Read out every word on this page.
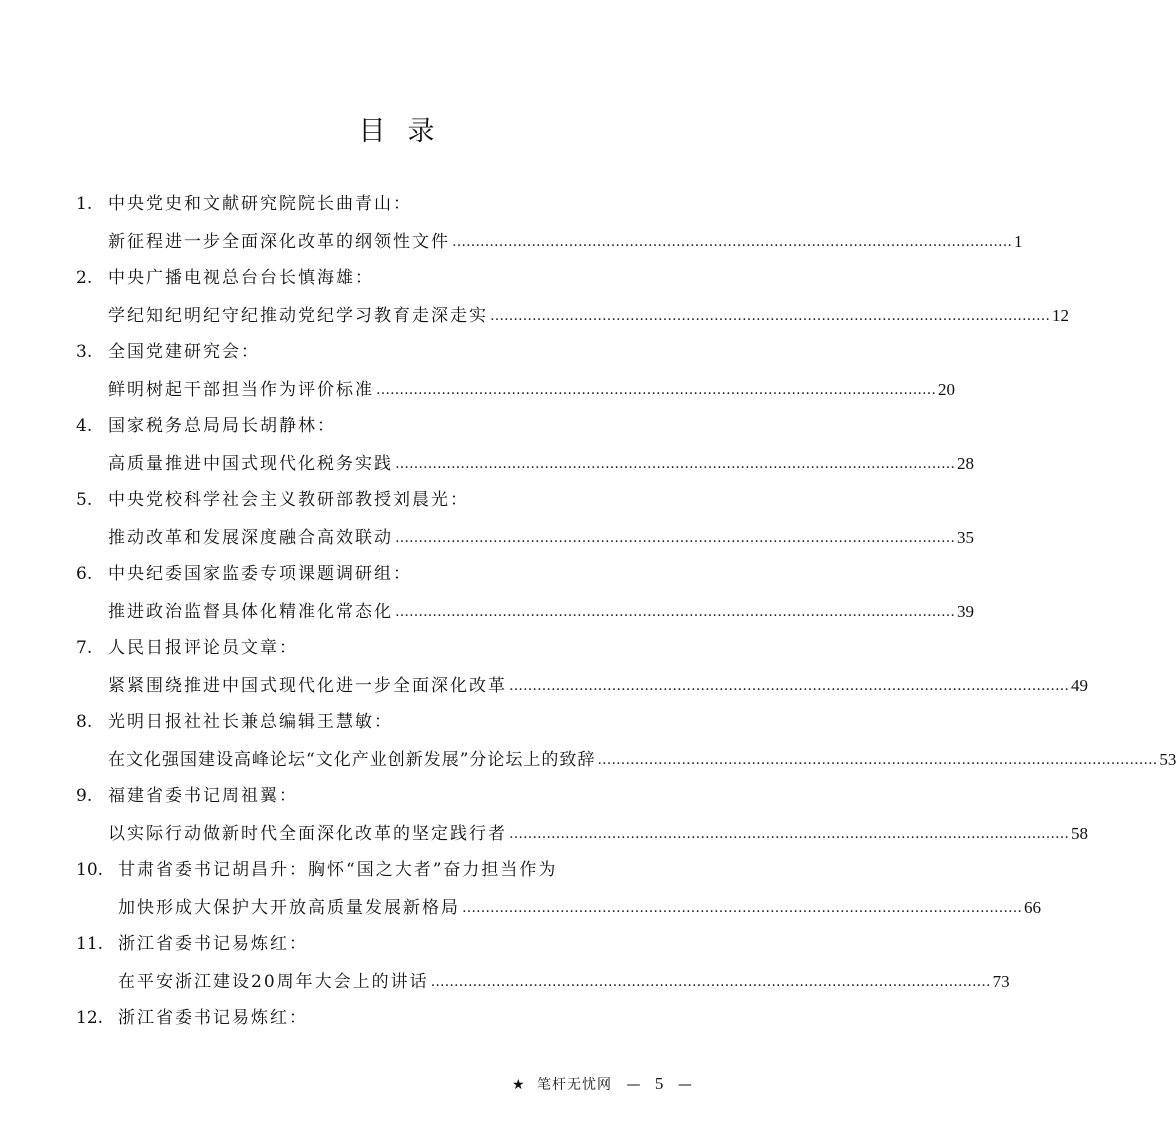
目录
1. 中央党史和文献研究院院长曲青山：
新征程进一步全面深化改革的纲领性文件 ………………………………………………………………………………………………………… 1
2. 中央广播电视总台台长慎海雄：
学纪知纪明纪守纪推动党纪学习教育走深走实 ………………………………………………………………………………………………………… 12
3. 全国党建研究会：
鲜明树起干部担当作为评价标准 ………………………………………………………………………………………………………… 20
4. 国家税务总局局长胡静林：
高质量推进中国式现代化税务实践 ………………………………………………………………………………………………………… 28
5. 中央党校科学社会主义教研部教授刘晨光：
推动改革和发展深度融合高效联动 ………………………………………………………………………………………………………… 35
6. 中央纪委国家监委专项课题调研组：
推进政治监督具体化精准化常态化 ………………………………………………………………………………………………………… 39
7. 人民日报评论员文章：
紧紧围绕推进中国式现代化进一步全面深化改革 ………………………………………………………………………………………………………… 49
8. 光明日报社社长兼总编辑王慧敏：
在文化强国建设高峰论坛“文化产业创新发展”分论坛上的致辞 ………………………………………………………………………………………………………… 53
9. 福建省委书记周祖翼：
以实际行动做新时代全面深化改革的坚定践行者 ………………………………………………………………………………………………………… 58
10. 甘肃省委书记胡昌升：胸怀“国之大者”奋力担当作为
加快形成大保护大开放高质量发展新格局 ………………………………………………………………………………………………………… 66
11. 浙江省委书记易炼红：
在平安浙江建设20周年大会上的讲话 ………………………………………………………………………………………………………… 73
12. 浙江省委书记易炼红：
★ 笔杆无忧网 — 5 —
